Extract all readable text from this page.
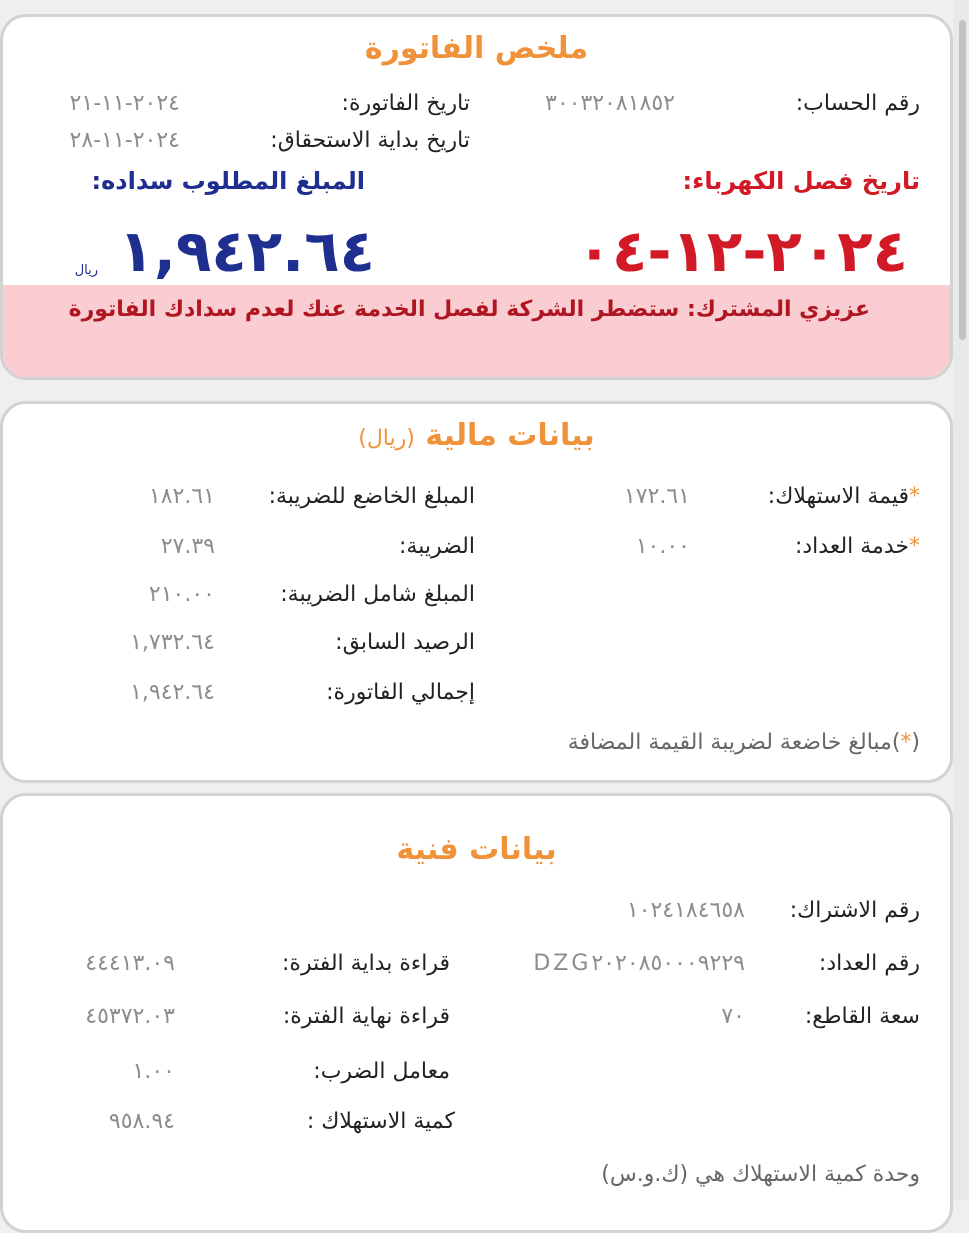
ملخص الفاتورة
رقم الحساب:
٣٠٠٣٢٠٨١٨٥٢
تاريخ الفاتورة:
٢٠٢٤-١١-٢١
تاريخ بداية الاستحقاق:
٢٠٢٤-١١-٢٨
تاريخ فصل الكهرباء:
المبلغ المطلوب سداده:
٢٠٢٤-١٢-٠٤
١,٩٤٢.٦٤
ريال
عزيزي المشترك: ستضطر الشركة لفصل الخدمة عنك لعدم سدادك الفاتورة
بيانات مالية (ريال)
*قيمة الاستهلاك:
١٧٢.٦١
*خدمة العداد:
١٠.٠٠
المبلغ الخاضع للضريبة:
١٨٢.٦١
الضريبة:
٢٧.٣٩
المبلغ شامل الضريبة:
٢١٠.٠٠
الرصيد السابق:
١,٧٣٢.٦٤
إجمالي الفاتورة:
١,٩٤٢.٦٤
(*)مبالغ خاضعة لضريبة القيمة المضافة
بيانات فنية
رقم الاشتراك:
١٠٢٤١٨٤٦٥٨
رقم العداد:
DZG٢٠٢٠٨٥٠٠٠٩٢٢٩
سعة القاطع:
٧٠
قراءة بداية الفترة:
٤٤٤١٣.٠٩
قراءة نهاية الفترة:
٤٥٣٧٢.٠٣
معامل الضرب:
١.٠٠
كمية الاستهلاك :
٩٥٨.٩٤
وحدة كمية الاستهلاك هي (ك.و.س)
